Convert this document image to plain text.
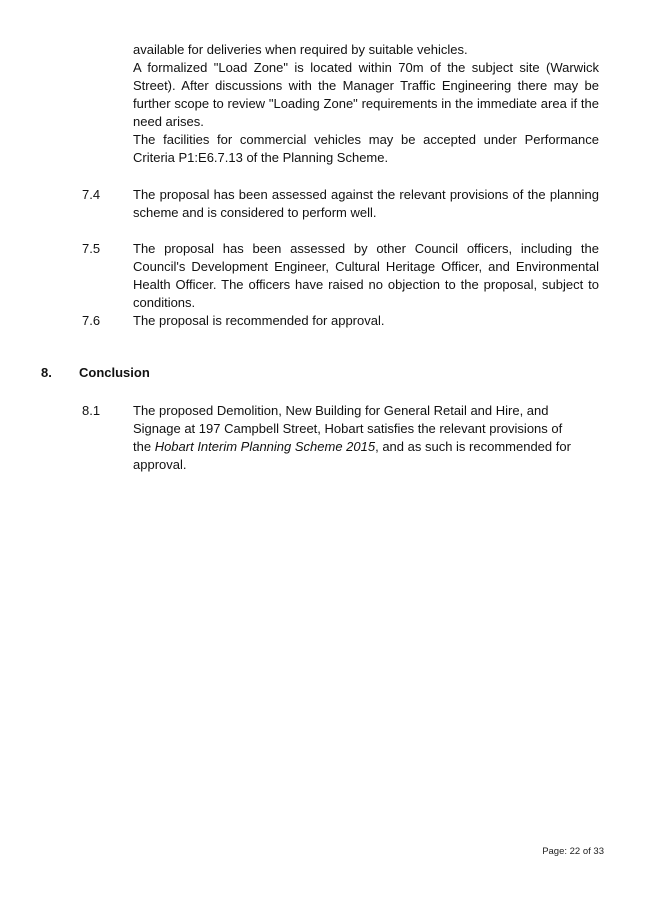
available for deliveries when required by suitable vehicles.

A formalized "Load Zone" is located within 70m of the subject site (Warwick Street). After discussions with the Manager Traffic Engineering there may be further scope to review "Loading Zone" requirements in the immediate area if the need arises.

The facilities for commercial vehicles may be accepted under Performance Criteria P1:E6.7.13 of the Planning Scheme.

7.4	The proposal has been assessed against the relevant provisions of the planning scheme and is considered to perform well.

7.5	The proposal has been assessed by other Council officers, including the Council's Development Engineer, Cultural Heritage Officer, and Environmental Health Officer. The officers have raised no objection to the proposal, subject to conditions.

7.6	The proposal is recommended for approval.

8. Conclusion
8.1	The proposed Demolition, New Building for General Retail and Hire, and Signage at 197 Campbell Street, Hobart satisfies the relevant provisions of the Hobart Interim Planning Scheme 2015, and as such is recommended for approval.

Page: 22 of 33
